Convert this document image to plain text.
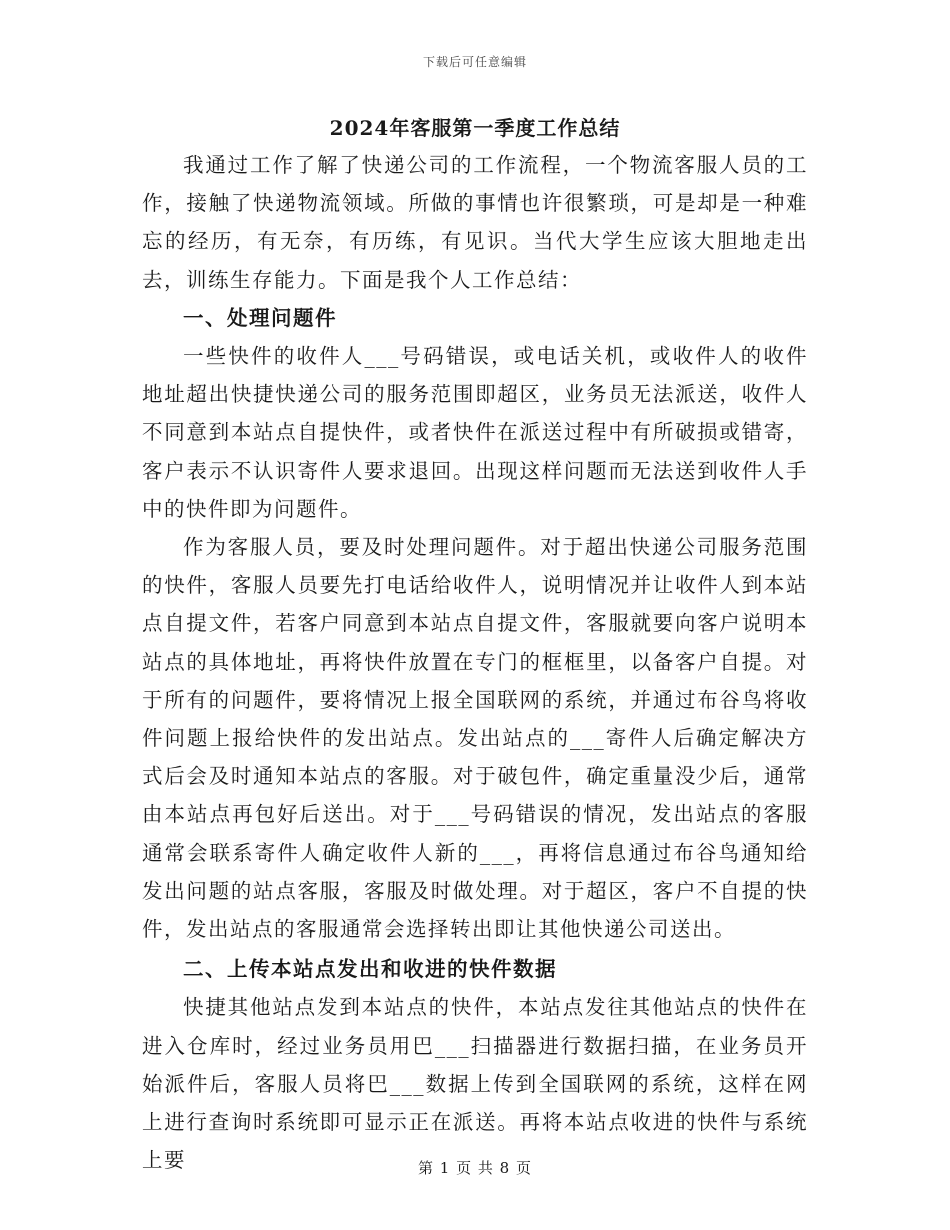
下载后可任意编辑
2024年客服第一季度工作总结

我通过工作了解了快递公司的工作流程，一个物流客服人员的工作，接触了快递物流领域。所做的事情也许很繁琐，可是却是一种难忘的经历，有无奈，有历练，有见识。当代大学生应该大胆地走出去，训练生存能力。下面是我个人工作总结：

一、处理问题件

一些快件的收件人___号码错误，或电话关机，或收件人的收件地址超出快捷快递公司的服务范围即超区，业务员无法派送，收件人不同意到本站点自提快件，或者快件在派送过程中有所破损或错寄，客户表示不认识寄件人要求退回。出现这样问题而无法送到收件人手中的快件即为问题件。

作为客服人员，要及时处理问题件。对于超出快递公司服务范围的快件，客服人员要先打电话给收件人，说明情况并让收件人到本站点自提文件，若客户同意到本站点自提文件，客服就要向客户说明本站点的具体地址，再将快件放置在专门的框框里，以备客户自提。对于所有的问题件，要将情况上报全国联网的系统，并通过布谷鸟将收件问题上报给快件的发出站点。发出站点的___寄件人后确定解决方式后会及时通知本站点的客服。对于破包件，确定重量没少后，通常由本站点再包好后送出。对于___号码错误的情况，发出站点的客服通常会联系寄件人确定收件人新的___，再将信息通过布谷鸟通知给发出问题的站点客服，客服及时做处理。对于超区，客户不自提的快件，发出站点的客服通常会选择转出即让其他快递公司送出。

二、上传本站点发出和收进的快件数据

快捷其他站点发到本站点的快件，本站点发往其他站点的快件在进入仓库时，经过业务员用巴___扫描器进行数据扫描，在业务员开始派件后，客服人员将巴___数据上传到全国联网的系统，这样在网上进行查询时系统即可显示正在派送。再将本站点收进的快件与系统上要	第 1 页 共 8 页
